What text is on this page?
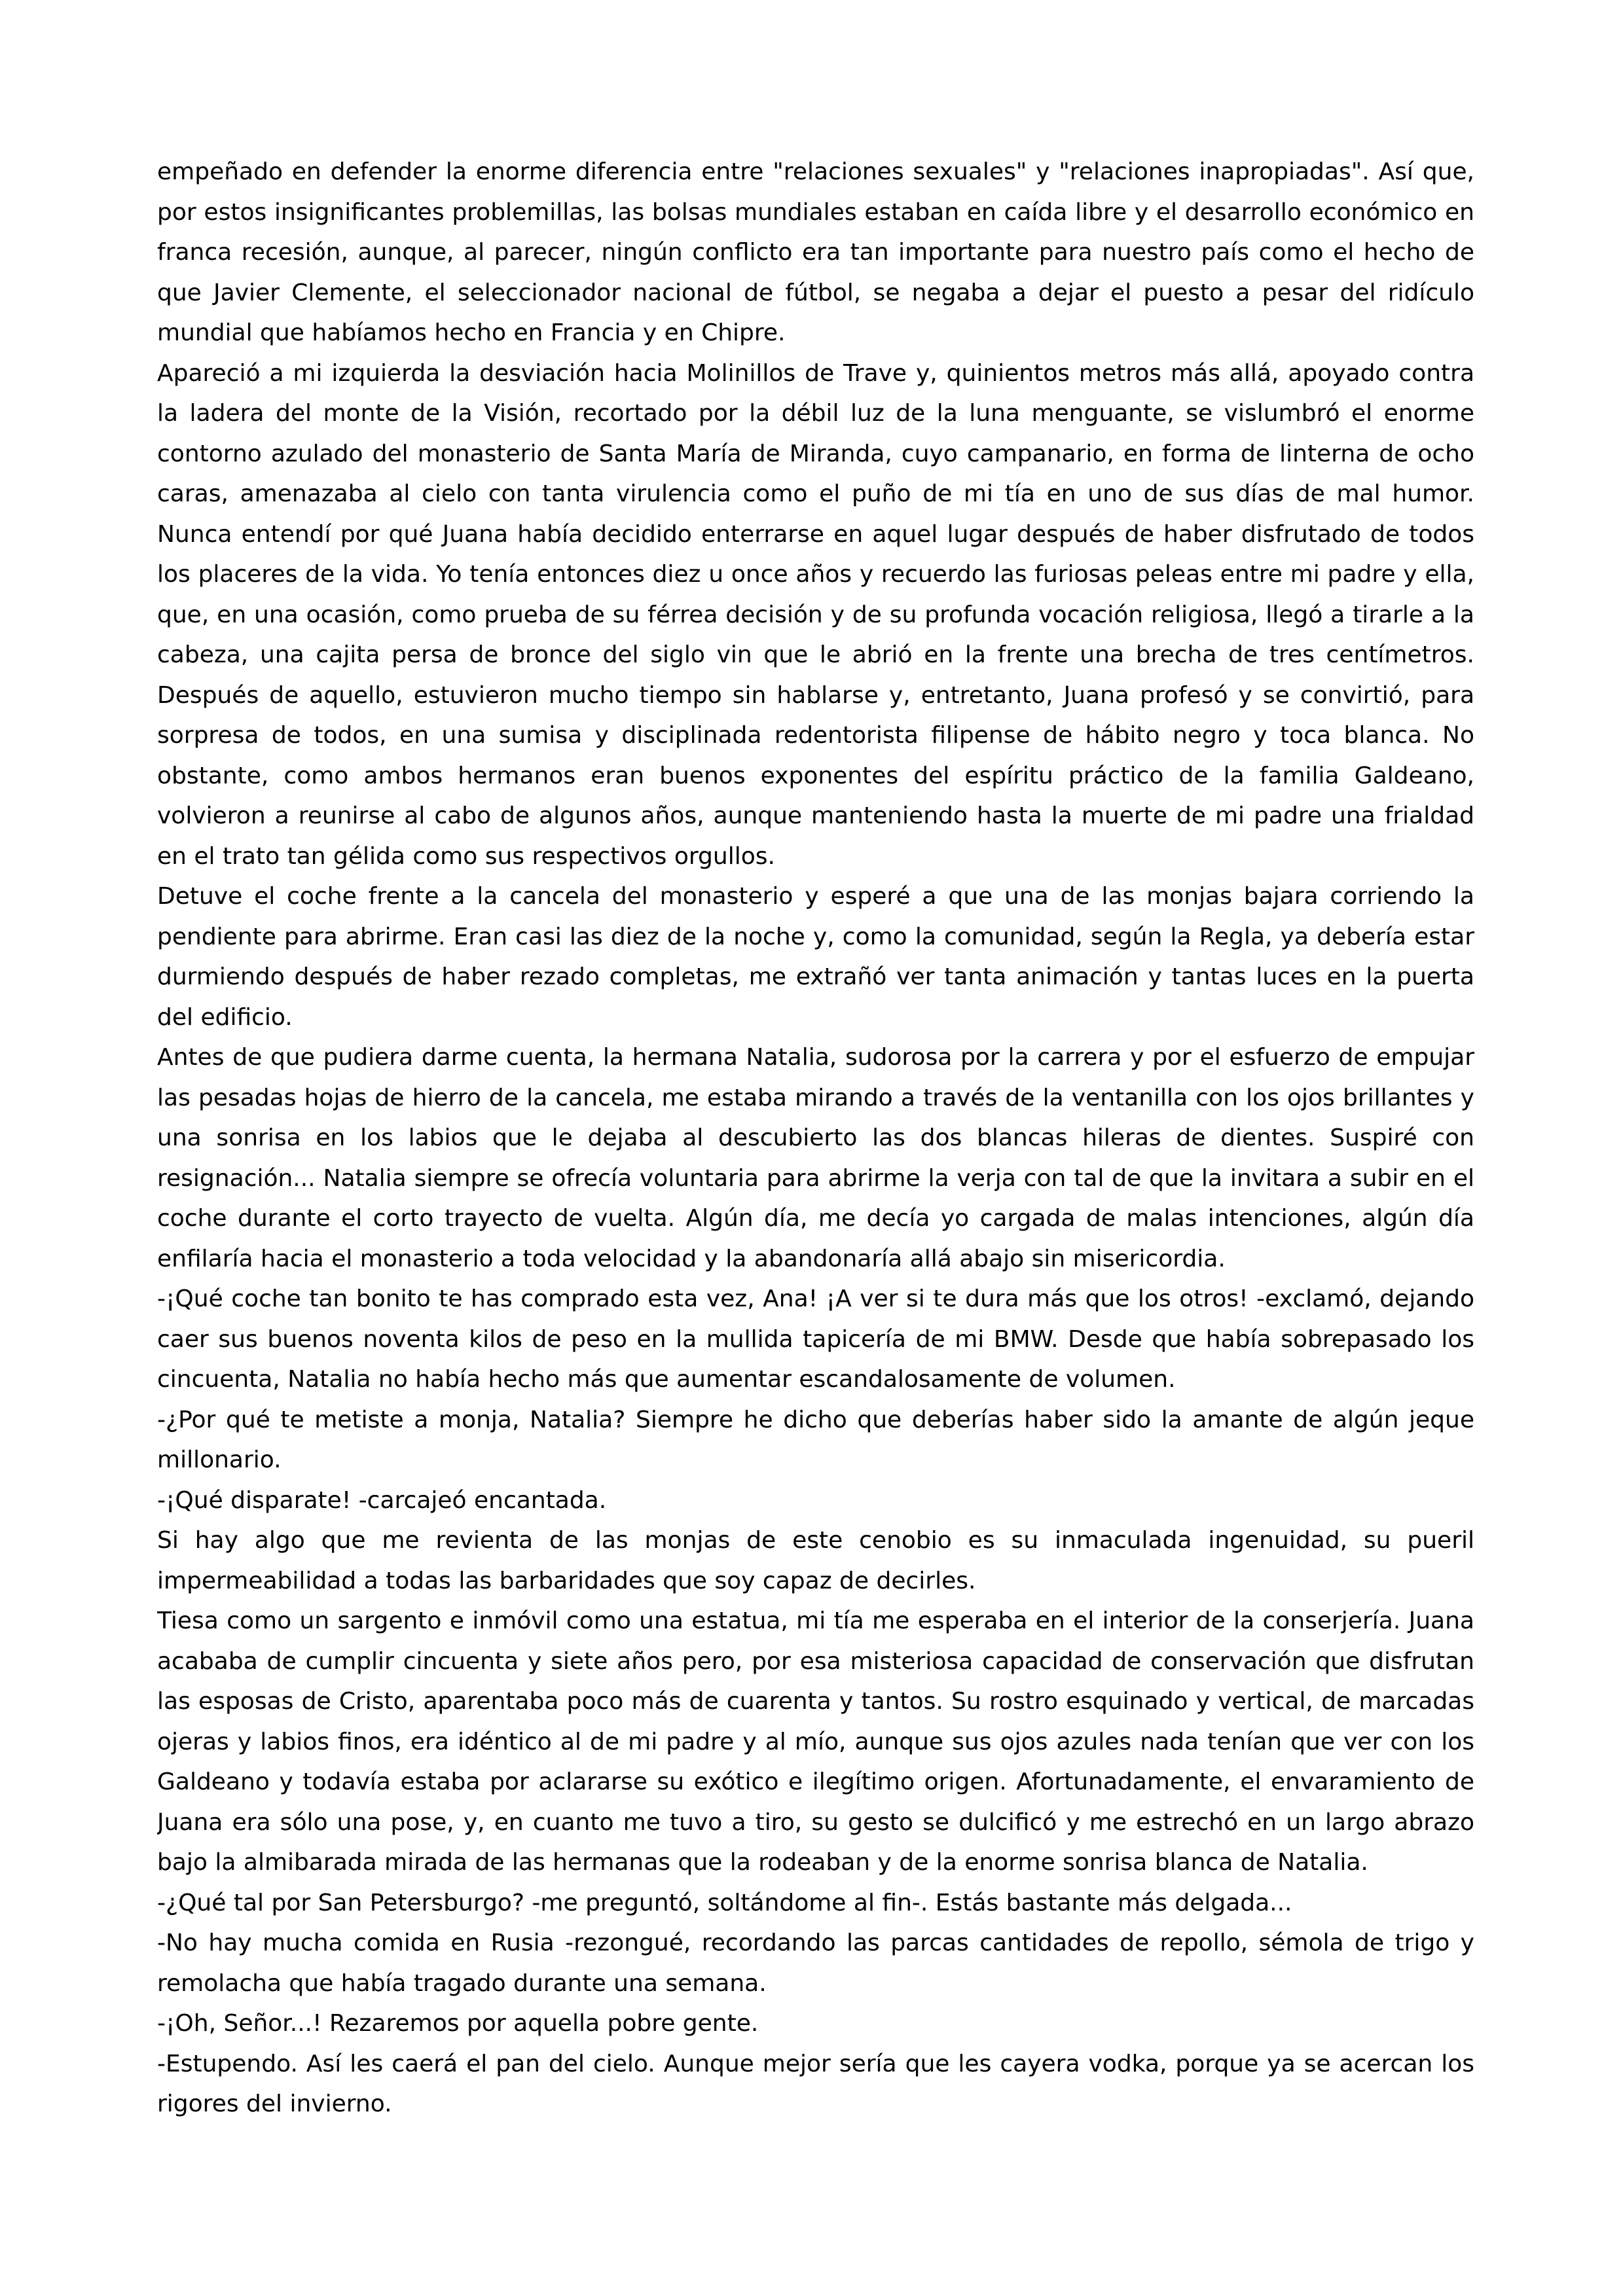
empeñado en defender la enorme diferencia entre "relaciones sexuales" y "relaciones inapropiadas". Así que, por estos insignificantes problemillas, las bolsas mundiales estaban en caída libre y el desarrollo económico en franca recesión, aunque, al parecer, ningún conflicto era tan importante para nuestro país como el hecho de que Javier Clemente, el seleccionador nacional de fútbol, se negaba a dejar el puesto a pesar del ridículo mundial que habíamos hecho en Francia y en Chipre.

Apareció a mi izquierda la desviación hacia Molinillos de Trave y, quinientos metros más allá, apoyado contra la ladera del monte de la Visión, recortado por la débil luz de la luna menguante, se vislumbró el enorme contorno azulado del monasterio de Santa María de Miranda, cuyo campanario, en forma de linterna de ocho caras, amenazaba al cielo con tanta virulencia como el puño de mi tía en uno de sus días de mal humor. Nunca entendí por qué Juana había decidido enterrarse en aquel lugar después de haber disfrutado de todos los placeres de la vida. Yo tenía entonces diez u once años y recuerdo las furiosas peleas entre mi padre y ella, que, en una ocasión, como prueba de su férrea decisión y de su profunda vocación religiosa, llegó a tirarle a la cabeza, una cajita persa de bronce del siglo vin que le abrió en la frente una brecha de tres centímetros. Después de aquello, estuvieron mucho tiempo sin hablarse y, entretanto, Juana profesó y se convirtió, para sorpresa de todos, en una sumisa y disciplinada redentorista filipense de hábito negro y toca blanca. No obstante, como ambos hermanos eran buenos exponentes del espíritu práctico de la familia Galdeano, volvieron a reunirse al cabo de algunos años, aunque manteniendo hasta la muerte de mi padre una frialdad en el trato tan gélida como sus respectivos orgullos.

Detuve el coche frente a la cancela del monasterio y esperé a que una de las monjas bajara corriendo la pendiente para abrirme. Eran casi las diez de la noche y, como la comunidad, según la Regla, ya debería estar durmiendo después de haber rezado completas, me extrañó ver tanta animación y tantas luces en la puerta del edificio.

Antes de que pudiera darme cuenta, la hermana Natalia, sudorosa por la carrera y por el esfuerzo de empujar las pesadas hojas de hierro de la cancela, me estaba mirando a través de la ventanilla con los ojos brillantes y una sonrisa en los labios que le dejaba al descubierto las dos blancas hileras de dientes. Suspiré con resignación... Natalia siempre se ofrecía voluntaria para abrirme la verja con tal de que la invitara a subir en el coche durante el corto trayecto de vuelta. Algún día, me decía yo cargada de malas intenciones, algún día enfilaría hacia el monasterio a toda velocidad y la abandonaría allá abajo sin misericordia.

-¡Qué coche tan bonito te has comprado esta vez, Ana! ¡A ver si te dura más que los otros! -exclamó, dejando caer sus buenos noventa kilos de peso en la mullida tapicería de mi BMW. Desde que había sobrepasado los cincuenta, Natalia no había hecho más que aumentar escandalosamente de volumen.

-¿Por qué te metiste a monja, Natalia? Siempre he dicho que deberías haber sido la amante de algún jeque millonario.

-¡Qué disparate! -carcajeó encantada.

Si hay algo que me revienta de las monjas de este cenobio es su inmaculada ingenuidad, su pueril impermeabilidad a todas las barbaridades que soy capaz de decirles.

Tiesa como un sargento e inmóvil como una estatua, mi tía me esperaba en el interior de la conserjería. Juana acababa de cumplir cincuenta y siete años pero, por esa misteriosa capacidad de conservación que disfrutan las esposas de Cristo, aparentaba poco más de cuarenta y tantos. Su rostro esquinado y vertical, de marcadas ojeras y labios finos, era idéntico al de mi padre y al mío, aunque sus ojos azules nada tenían que ver con los Galdeano y todavía estaba por aclararse su exótico e ilegítimo origen. Afortunadamente, el envaramiento de Juana era sólo una pose, y, en cuanto me tuvo a tiro, su gesto se dulcificó y me estrechó en un largo abrazo bajo la almibarada mirada de las hermanas que la rodeaban y de la enorme sonrisa blanca de Natalia.

-¿Qué tal por San Petersburgo? -me preguntó, soltándome al fin-. Estás bastante más delgada...

-No hay mucha comida en Rusia -rezongué, recordando las parcas cantidades de repollo, sémola de trigo y remolacha que había tragado durante una semana.

-¡Oh, Señor...! Rezaremos por aquella pobre gente.

-Estupendo. Así les caerá el pan del cielo. Aunque mejor sería que les cayera vodka, porque ya se acercan los rigores del invierno.
